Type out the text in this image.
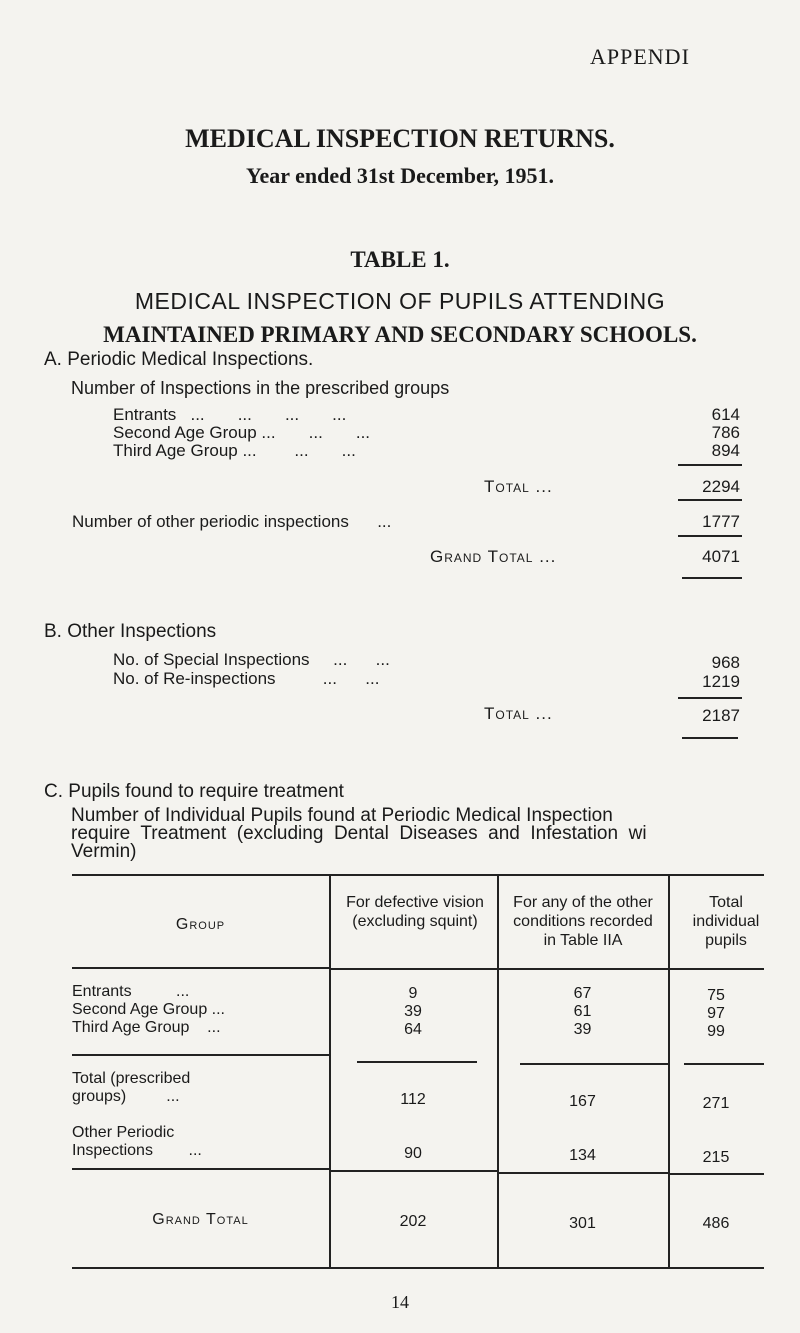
APPENDI
MEDICAL INSPECTION RETURNS.
Year ended 31st December, 1951.
TABLE 1.
MEDICAL INSPECTION OF PUPILS ATTENDING
MAINTAINED PRIMARY AND SECONDARY SCHOOLS.
A. Periodic Medical Inspections.
Number of Inspections in the prescribed groups
Entrants   ...       ...       ...       ...	614
Second Age Group ...       ...       ...	786
Third Age Group ...        ...       ...	894
Total ...	2294
Number of other periodic inspections      ...	1777
Grand Total ...	4071
B. Other Inspections
No. of Special Inspections     ...      ...	968
No. of Re-inspections          ...      ...	1219
Total ...	2187
C. Pupils found to require treatment
Number of Individual Pupils found at Periodic Medical Inspection
require  Treatment  (excluding  Dental  Diseases  and  Infestation  wi
Vermin)
Group
For defective vision (excluding squint)
For any of the other conditions recorded in Table IIA
Total individual pupils
Entrants          ...	9	67	75
Second Age Group ...	39	61	97
Third Age Group    ...	64	39	99
Total (prescribed
groups)         ...	112	167	271
Other Periodic
Inspections        ...	90	134	215
Grand Total	202	301	486
14
